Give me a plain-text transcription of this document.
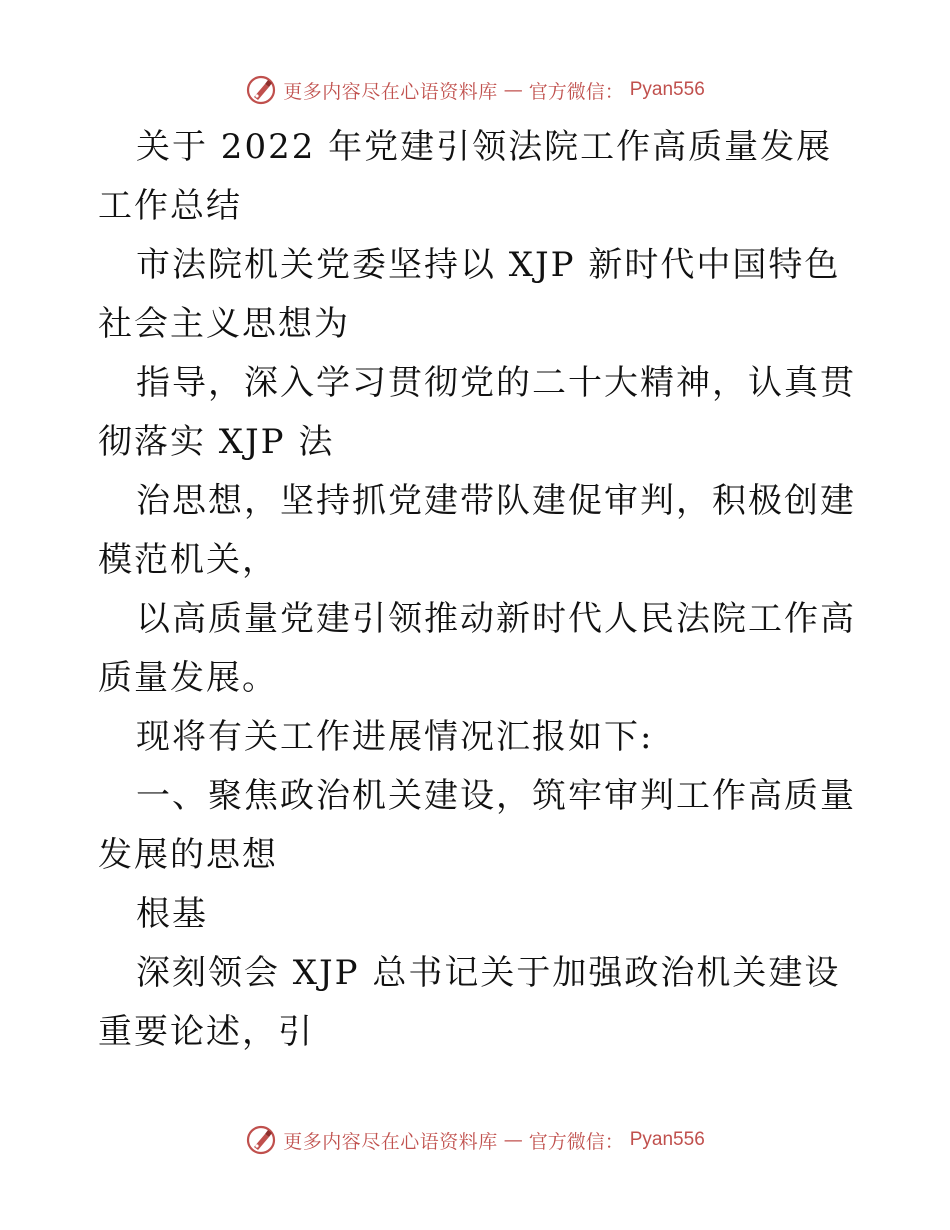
更多内容尽在心语资料库 — 官方微信： Pyan556

关于 2022 年党建引领法院工作高质量发展工作总结

市法院机关党委坚持以 XJP 新时代中国特色社会主义思想为

指导，深入学习贯彻党的二十大精神，认真贯彻落实 XJP 法

治思想，坚持抓党建带队建促审判，积极创建模范机关，

以高质量党建引领推动新时代人民法院工作高质量发展。

现将有关工作进展情况汇报如下:

一、聚焦政治机关建设，筑牢审判工作高质量发展的思想

根基

深刻领会 XJP 总书记关于加强政治机关建设重要论述，引

更多内容尽在心语资料库 — 官方微信： Pyan556
